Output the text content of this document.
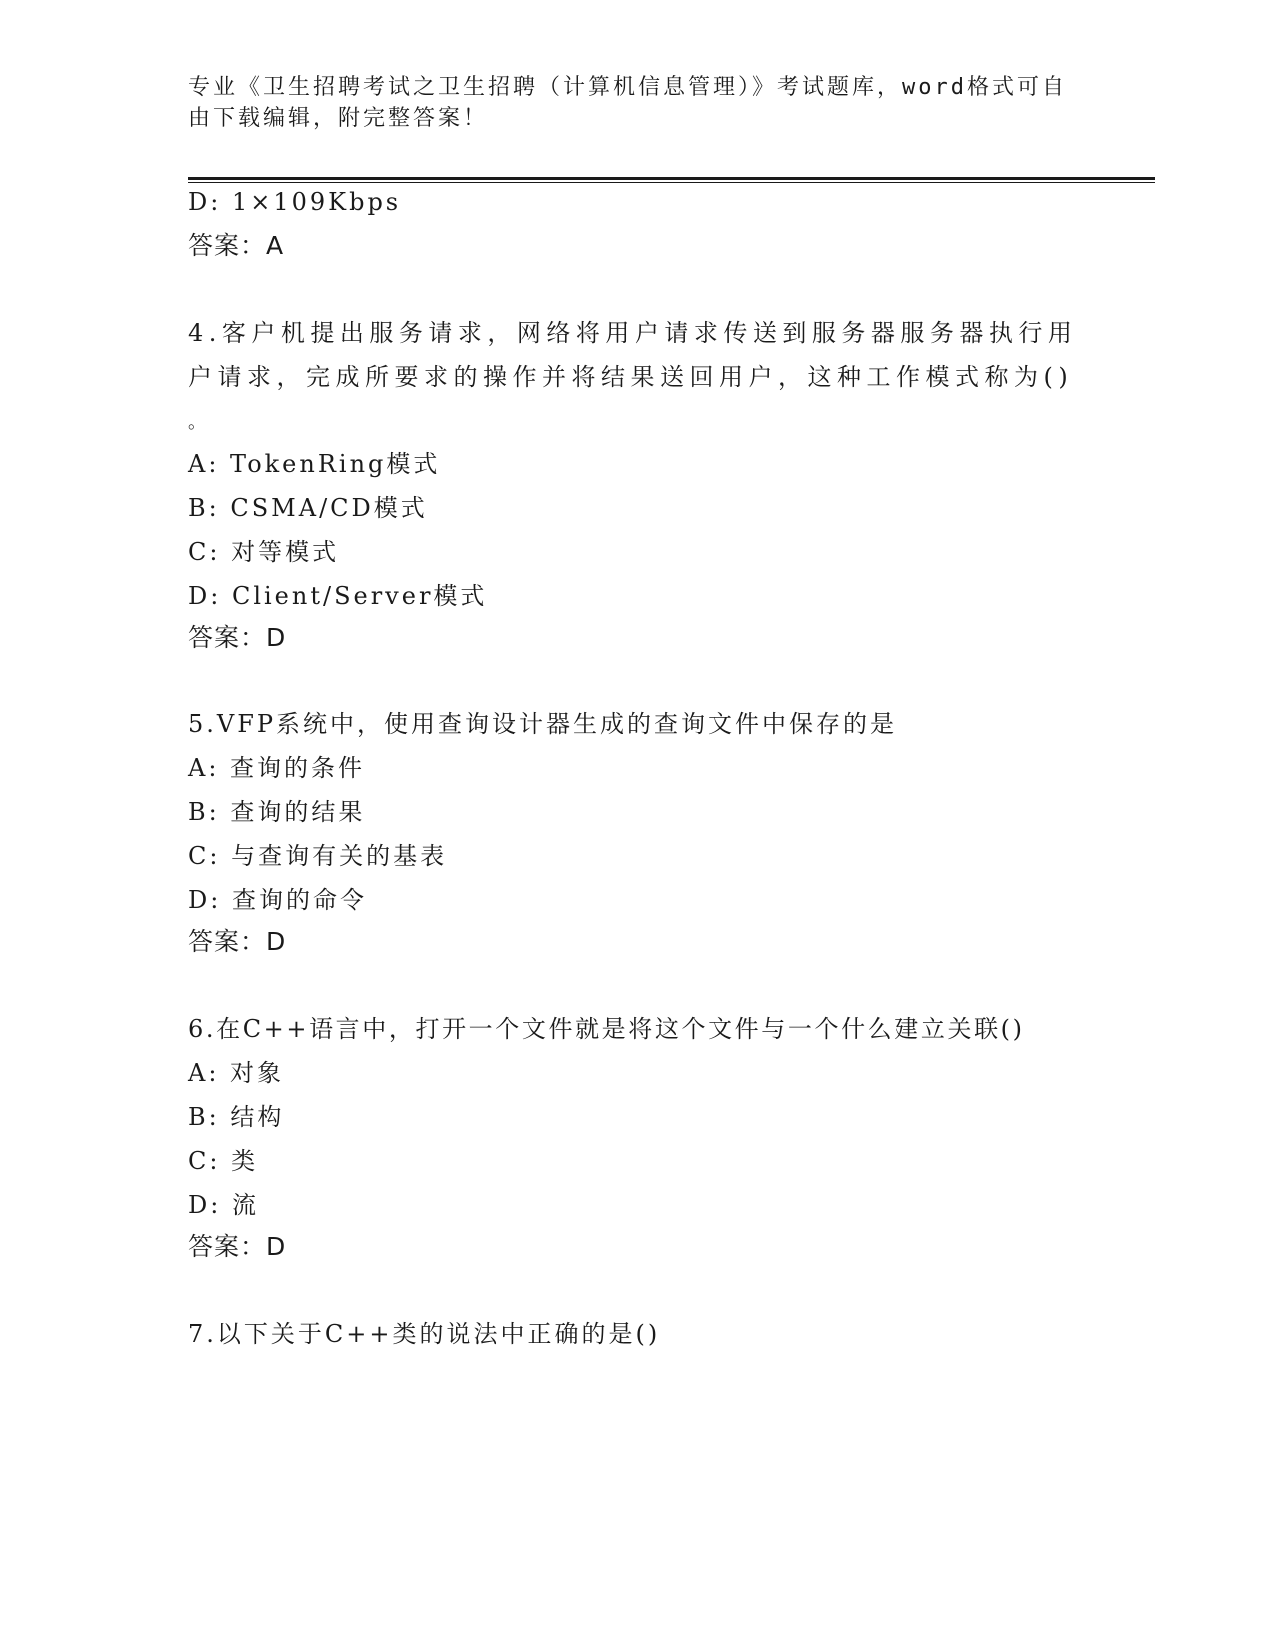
专业《卫生招聘考试之卫生招聘（计算机信息管理）》考试题库，word格式可自
由下载编辑，附完整答案！
D: 1×109Kbps
答案：A
4.客户机提出服务请求，网络将用户请求传送到服务器服务器执行用
户请求，完成所要求的操作并将结果送回用户，这种工作模式称为()
。
A: TokenRing模式
B: CSMA/CD模式
C: 对等模式
D: Client/Server模式
答案：D
5.VFP系统中，使用查询设计器生成的查询文件中保存的是
A: 查询的条件
B: 查询的结果
C: 与查询有关的基表
D: 查询的命令
答案：D
6.在C++语言中，打开一个文件就是将这个文件与一个什么建立关联()
A: 对象
B: 结构
C: 类
D: 流
答案：D
7.以下关于C++类的说法中正确的是()
